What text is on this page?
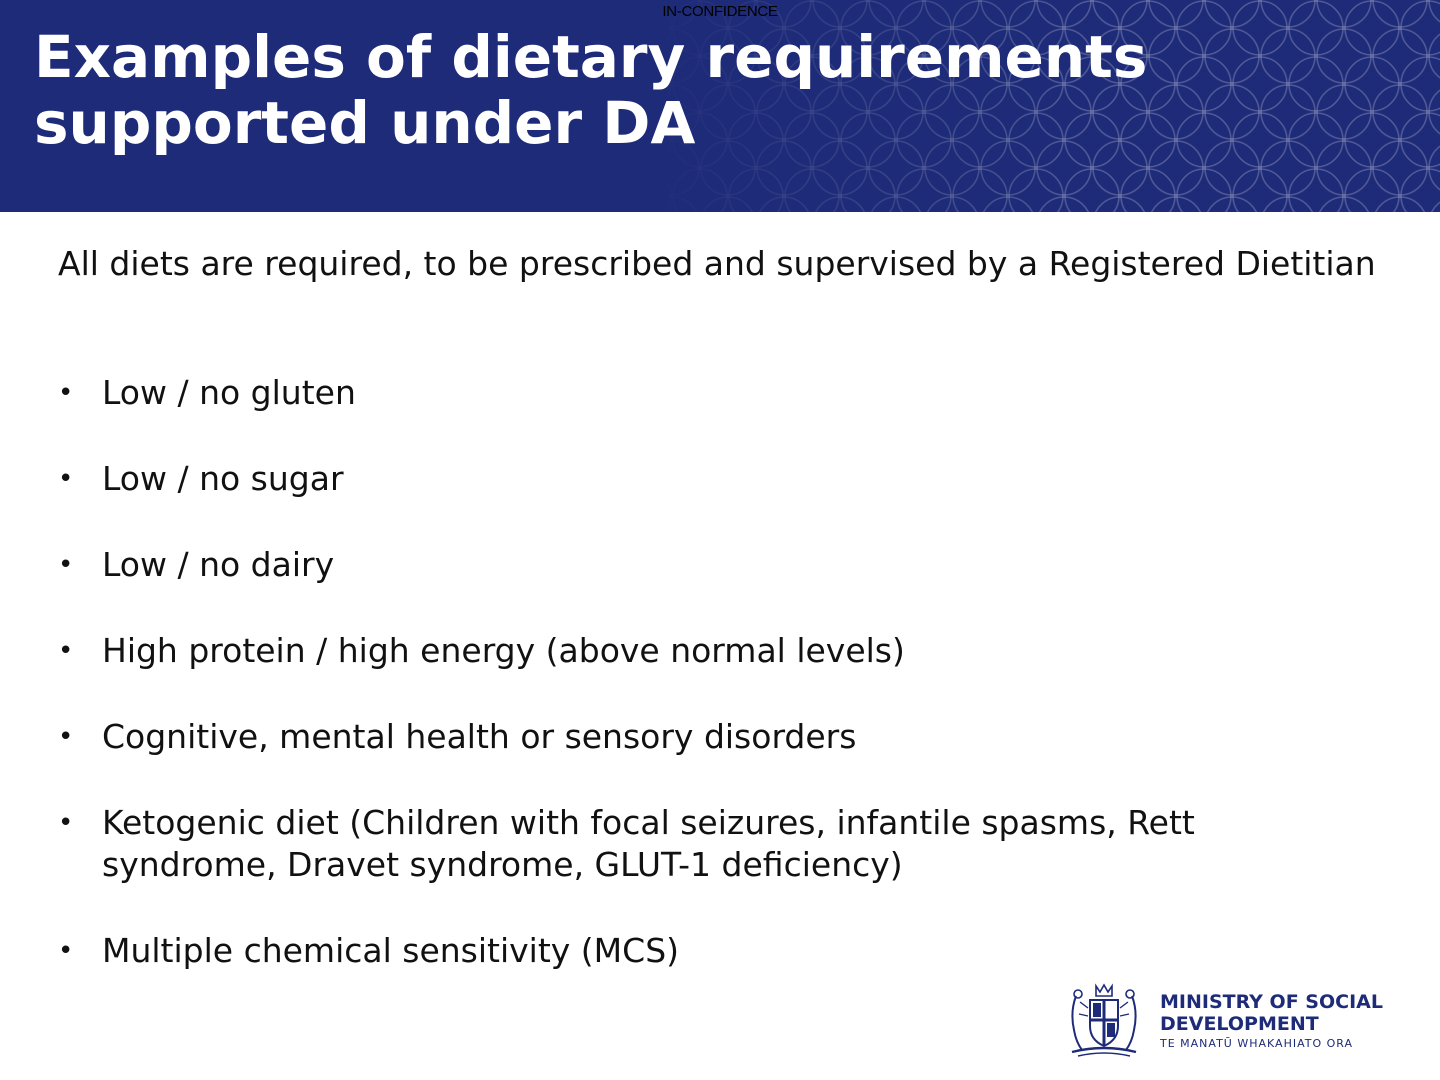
IN-CONFIDENCE
Examples of dietary requirements
supported under DA

All diets are required, to be prescribed and supervised by a Registered Dietitian

• Low / no gluten
• Low / no sugar
• Low / no dairy
• High protein / high energy (above normal levels)
• Cognitive, mental health or sensory disorders
• Ketogenic diet (Children with focal seizures, infantile spasms, Rett syndrome, Dravet syndrome, GLUT-1 deficiency)
• Multiple chemical sensitivity (MCS)
MINISTRY OF SOCIAL
DEVELOPMENT
TE MANATŪ WHAKAHIATO ORA
